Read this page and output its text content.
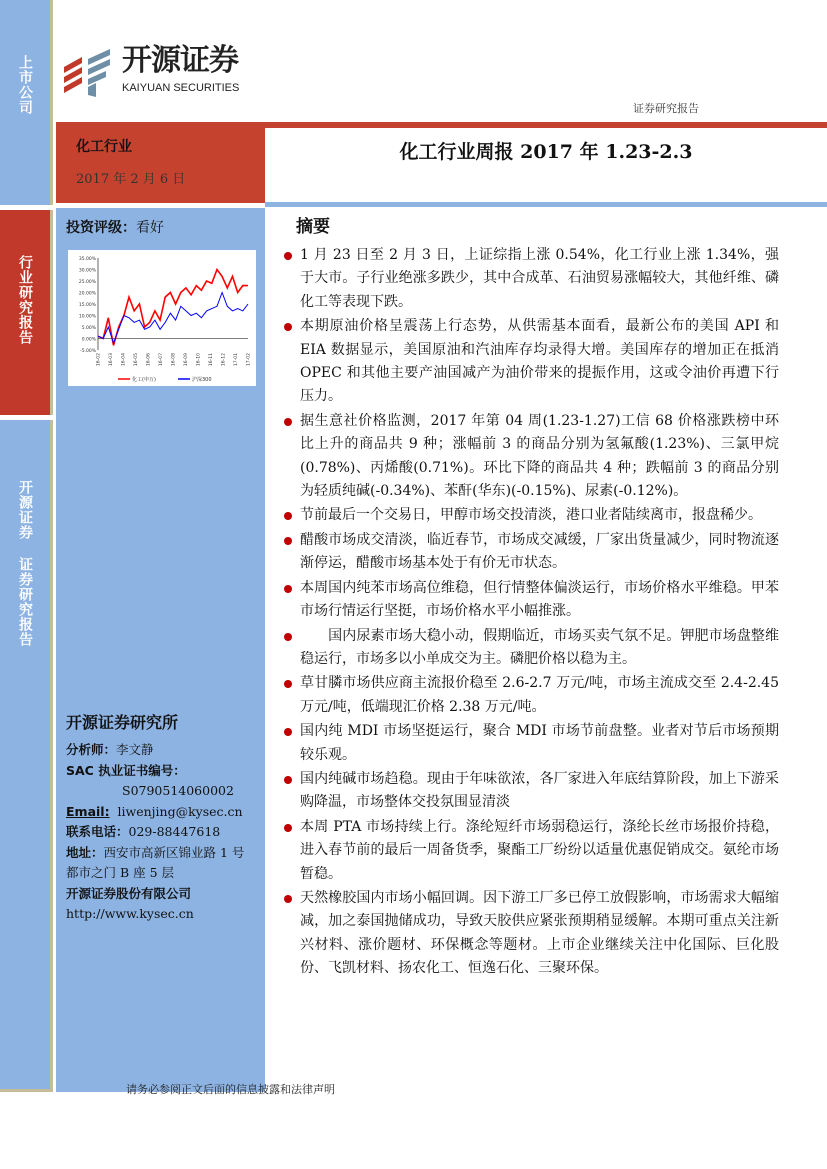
上市公司
行业研究报告
开源证券 证券研究报告
开源证券
KAIYUAN SECURITIES
证券研究报告
化工行业
2017 年 2 月 6 日
化工行业周报 2017 年 1.23-2.3
投资评级：看好
35.00%
30.00%
25.00%
20.00%
15.00%
10.00%
5.00%
0.00%
-5.00%
16-02 16-03 16-04 16-05 16-06 16-07 16-08 16-09 16-10 16-11 16-12 17-01 17-02
化工(申万)	沪深300
开源证券研究所
分析师：李文静
SAC 执业证书编号：
S0790514060002
Email: liwenjing@kysec.cn
联系电话：029-88447618
地址：西安市高新区锦业路 1 号
都市之门 B 座 5 层
开源证券股份有限公司
http://www.kysec.cn
摘要
1 月 23 日至 2 月 3 日，上证综指上涨 0.54%，化工行业上涨 1.34%，强于大市。子行业绝涨多跌少，其中合成革、石油贸易涨幅较大，其他纤维、磷化工等表现下跌。
本期原油价格呈震荡上行态势，从供需基本面看，最新公布的美国 API 和 EIA 数据显示，美国原油和汽油库存均录得大增。美国库存的增加正在抵消 OPEC 和其他主要产油国减产为油价带来的提振作用，这或令油价再遭下行压力。
据生意社价格监测，2017 年第 04 周(1.23-1.27)工信 68 价格涨跌榜中环比上升的商品共 9 种；涨幅前 3 的商品分别为氢氟酸(1.23%)、三氯甲烷(0.78%)、丙烯酸(0.71%)。环比下降的商品共 4 种；跌幅前 3 的商品分别为轻质纯碱(-0.34%)、苯酐(华东)(-0.15%)、尿素(-0.12%)。
节前最后一个交易日，甲醇市场交投清淡，港口业者陆续离市，报盘稀少。
醋酸市场成交清淡，临近春节，市场成交减缓，厂家出货量减少，同时物流逐渐停运，醋酸市场基本处于有价无市状态。
本周国内纯苯市场高位维稳，但行情整体偏淡运行，市场价格水平维稳。甲苯市场行情运行坚挺，市场价格水平小幅推涨。
　　国内尿素市场大稳小动，假期临近，市场买卖气氛不足。钾肥市场盘整维稳运行，市场多以小单成交为主。磷肥价格以稳为主。
草甘膦市场供应商主流报价稳至 2.6-2.7 万元/吨，市场主流成交至 2.4-2.45 万元/吨，低端现汇价格 2.38 万元/吨。
国内纯 MDI 市场坚挺运行，聚合 MDI 市场节前盘整。业者对节后市场预期较乐观。
国内纯碱市场趋稳。现由于年味欲浓，各厂家进入年底结算阶段，加上下游采购降温，市场整体交投氛围显清淡
本周 PTA 市场持续上行。涤纶短纤市场弱稳运行，涤纶长丝市场报价持稳，进入春节前的最后一周备货季，聚酯工厂纷纷以适量优惠促销成交。氨纶市场暂稳。
天然橡胶国内市场小幅回调。因下游工厂多已停工放假影响，市场需求大幅缩减，加之泰国抛储成功，导致天胶供应紧张预期稍显缓解。本期可重点关注新兴材料、涨价题材、环保概念等题材。上市企业继续关注中化国际、巨化股份、飞凯材料、扬农化工、恒逸石化、三聚环保。
请务必参阅正文后面的信息披露和法律声明
